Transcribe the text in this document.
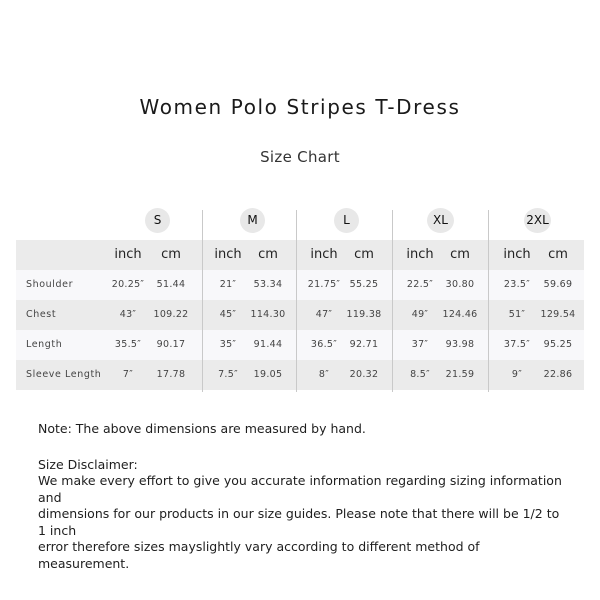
Women Polo Stripes T-Dress
Size Chart
S	M	L	XL	2XL
inch	cm	inch	cm	inch	cm	inch	cm	inch	cm
Shoulder	20.25″	51.44	21″	53.34	21.75″ 55.25	22.5″	30.80	23.5″	59.69
Chest	43″	109.22	45″	114.30	47″	119.38	49″	124.46	51″	129.54
Length	35.5″	90.17	35″	91.44	36.5″	92.71	37″	93.98	37.5″	95.25
Sleeve Length	7″	17.78	7.5″	19.05	8″	20.32	8.5″	21.59	9″	22.86

Note: The above dimensions are measured by hand.

Size Disclaimer:

We make every effort to give you accurate information regarding sizing information and

dimensions for our products in our size guides. Please note that there will be 1/2 to 1 inch

error therefore sizes mayslightly vary according to different method of measurement.
